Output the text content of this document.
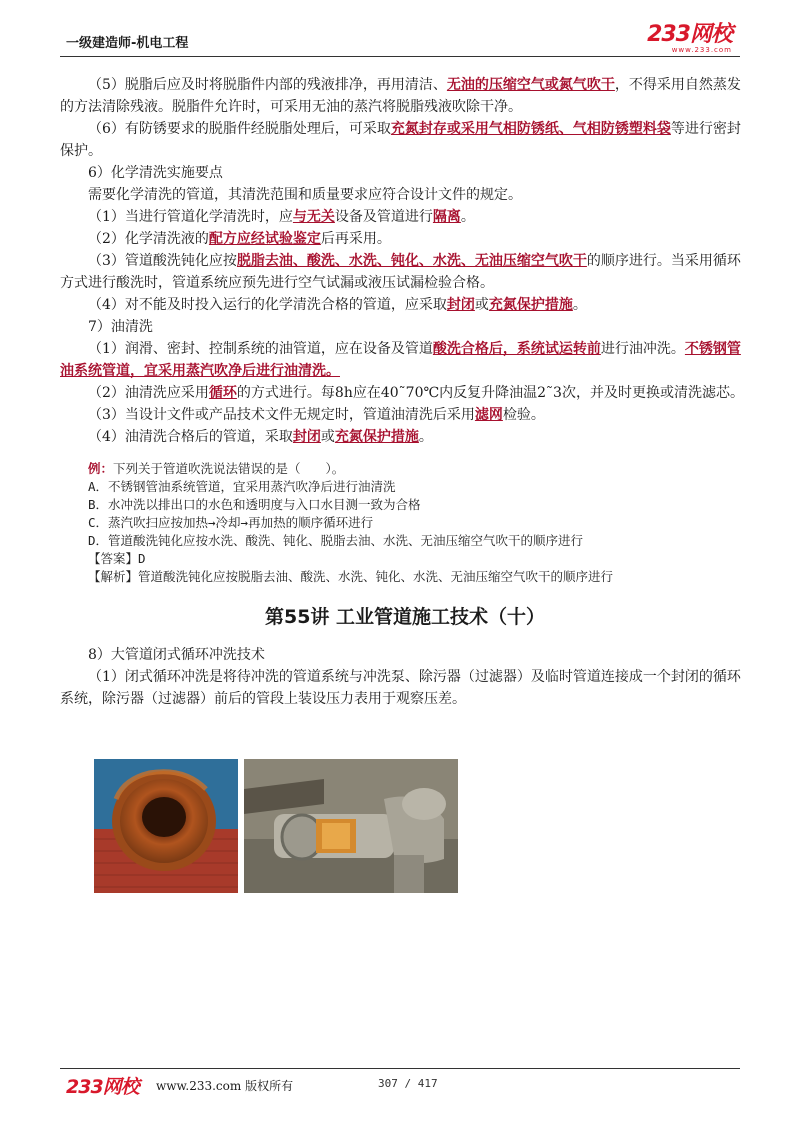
一级建造师-机电工程	233网校
www.233.com

（5）脱脂后应及时将脱脂件内部的残液排净，再用清洁、无油的压缩空气或氮气吹干，不得采用自然蒸发的方法清除残液。脱脂件允许时，可采用无油的蒸汽将脱脂残液吹除干净。

（6）有防锈要求的脱脂件经脱脂处理后，可采取充氮封存或采用气相防锈纸、气相防锈塑料袋等进行密封保护。

6）化学清洗实施要点

需要化学清洗的管道，其清洗范围和质量要求应符合设计文件的规定。

（1）当进行管道化学清洗时，应与无关设备及管道进行隔离。

（2）化学清洗液的配方应经试验鉴定后再采用。

（3）管道酸洗钝化应按脱脂去油、酸洗、水洗、钝化、水洗、无油压缩空气吹干的顺序进行。当采用循环方式进行酸洗时，管道系统应预先进行空气试漏或液压试漏检验合格。

（4）对不能及时投入运行的化学清洗合格的管道，应采取封闭或充氮保护措施。

7）油清洗

（1）润滑、密封、控制系统的油管道，应在设备及管道酸洗合格后，系统试运转前进行油冲洗。不锈钢管油系统管道，宜采用蒸汽吹净后进行油清洗。

（2）油清洗应采用循环的方式进行。每8h应在40˜70℃内反复升降油温2˜3次，并及时更换或清洗滤芯。

（3）当设计文件或产品技术文件无规定时，管道油清洗后采用滤网检验。

（4）油清洗合格后的管道，采取封闭或充氮保护措施。

例：下列关于管道吹洗说法错误的是（　　）。
A．不锈钢管油系统管道，宜采用蒸汽吹净后进行油清洗
B．水冲洗以排出口的水色和透明度与入口水目测一致为合格
C．蒸汽吹扫应按加热→冷却→再加热的顺序循环进行
D．管道酸洗钝化应按水洗、酸洗、钝化、脱脂去油、水洗、无油压缩空气吹干的顺序进行
【答案】D
【解析】管道酸洗钝化应按脱脂去油、酸洗、水洗、钝化、水洗、无油压缩空气吹干的顺序进行
第55讲 工业管道施工技术（十）

8）大管道闭式循环冲洗技术

（1）闭式循环冲洗是将待冲洗的管道系统与冲洗泵、除污器（过滤器）及临时管道连接成一个封闭的循环系统，除污器（过滤器）前后的管段上装设压力表用于观察压差。

233网校 www.233.com 版权所有	307 / 417
